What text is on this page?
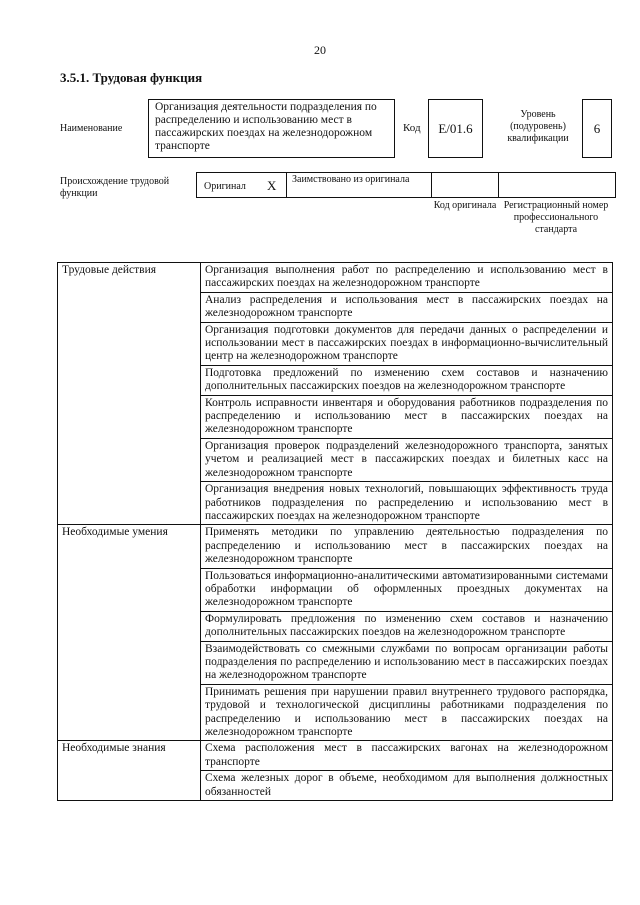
20
3.5.1. Трудовая функция
Наименование
Организация деятельности подразделения по распределению и использованию мест в пассажирских поездах на железнодорожном транспорте
Код E/01.6
Уровень (подуровень) квалификации
6
Происхождение трудовой функции
Оригинал X Заимствовано из оригинала
Код оригинала Регистрационный номер профессионального стандарта
Трудовые действия	Организация выполнения работ по распределению и использованию мест в пассажирских поездах на железнодорожном транспорте
	Анализ распределения и использования мест в пассажирских поездах на железнодорожном транспорте
	Организация подготовки документов для передачи данных о распределении и использовании мест в пассажирских поездах в информационно-вычислительный центр на железнодорожном транспорте
	Подготовка предложений по изменению схем составов и назначению дополнительных пассажирских поездов на железнодорожном транспорте
	Контроль исправности инвентаря и оборудования работников подразделения по распределению и использованию мест в пассажирских поездах на железнодорожном транспорте
	Организация проверок подразделений железнодорожного транспорта, занятых учетом и реализацией мест в пассажирских поездах и билетных касс на железнодорожном транспорте
	Организация внедрения новых технологий, повышающих эффективность труда работников подразделения по распределению и использованию мест в пассажирских поездах на железнодорожном транспорте
Необходимые умения	Применять методики по управлению деятельностью подразделения по распределению и использованию мест в пассажирских поездах на железнодорожном транспорте
	Пользоваться информационно-аналитическими автоматизированными системами обработки информации об оформленных проездных документах на железнодорожном транспорте
	Формулировать предложения по изменению схем составов и назначению дополнительных пассажирских поездов на железнодорожном транспорте
	Взаимодействовать со смежными службами по вопросам организации работы подразделения по распределению и использованию мест в пассажирских поездах на железнодорожном транспорте
	Принимать решения при нарушении правил внутреннего трудового распорядка, трудовой и технологической дисциплины работниками подразделения по распределению и использованию мест в пассажирских поездах на железнодорожном транспорте
Необходимые знания	Схема расположения мест в пассажирских вагонах на железнодорожном транспорте
	Схема железных дорог в объеме, необходимом для выполнения должностных обязанностей
